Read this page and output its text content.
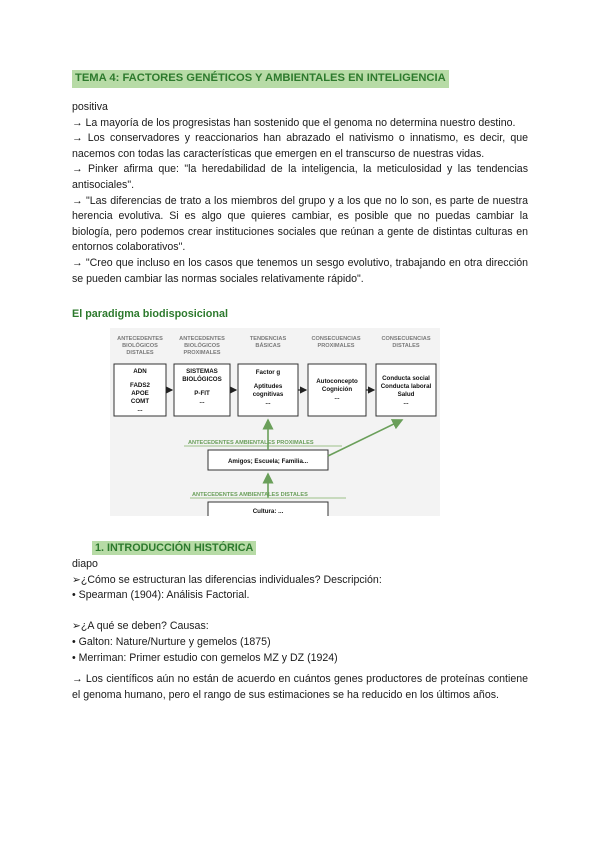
TEMA 4: FACTORES GENÉTICOS Y AMBIENTALES EN INTELIGENCIA

positiva

→ La mayoría de los progresistas han sostenido que el genoma no determina nuestro destino.

→ Los conservadores y reaccionarios han abrazado el nativismo o innatismo, es decir, que nacemos con todas las características que emergen en el transcurso de nuestras vidas.

→ Pinker afirma que: "la heredabilidad de la inteligencia, la meticulosidad y las tendencias antisociales".

→ "Las diferencias de trato a los miembros del grupo y a los que no lo son, es parte de nuestra herencia evolutiva. Si es algo que quieres cambiar, es posible que no puedas cambiar la biología, pero podemos crear instituciones sociales que reúnan a gente de distintas culturas en entornos colaborativos".

→ "Creo que incluso en los casos que tenemos un sesgo evolutivo, trabajando en otra dirección se pueden cambiar las normas sociales relativamente rápido".

El paradigma biodisposicional
ANTECEDENTES
BIOLÓGICOS
DISTALES
ANTECEDENTES
BIOLÓGICOS
PROXIMALES
TENDENCIAS
BÁSICAS
CONSECUENCIAS
PROXIMALES
CONSECUENCIAS
DISTALES
ADN
FADS2
APOE
COMT
...
SISTEMAS
BIOLÓGICOS
P-FIT
...
Factor g
Aptitudes
cognitivas
...
Autoconcepto
Cognición
...
Conducta social
Conducta laboral
Salud
...
ANTECEDENTES AMBIENTALES PROXIMALES
Amigos; Escuela; Familia...
ANTECEDENTES AMBIENTALES DISTALES
Cultura: ...
1. INTRODUCCIÓN HISTÓRICA

diapo

➢¿Cómo se estructuran las diferencias individuales? Descripción:

• Spearman (1904): Análisis Factorial.

➢¿A qué se deben? Causas:

• Galton: Nature/Nurture y gemelos (1875)

• Merriman: Primer estudio con gemelos MZ y DZ (1924)

→ Los científicos aún no están de acuerdo en cuántos genes productores de proteínas contiene el genoma humano, pero el rango de sus estimaciones se ha reducido en los últimos años.
